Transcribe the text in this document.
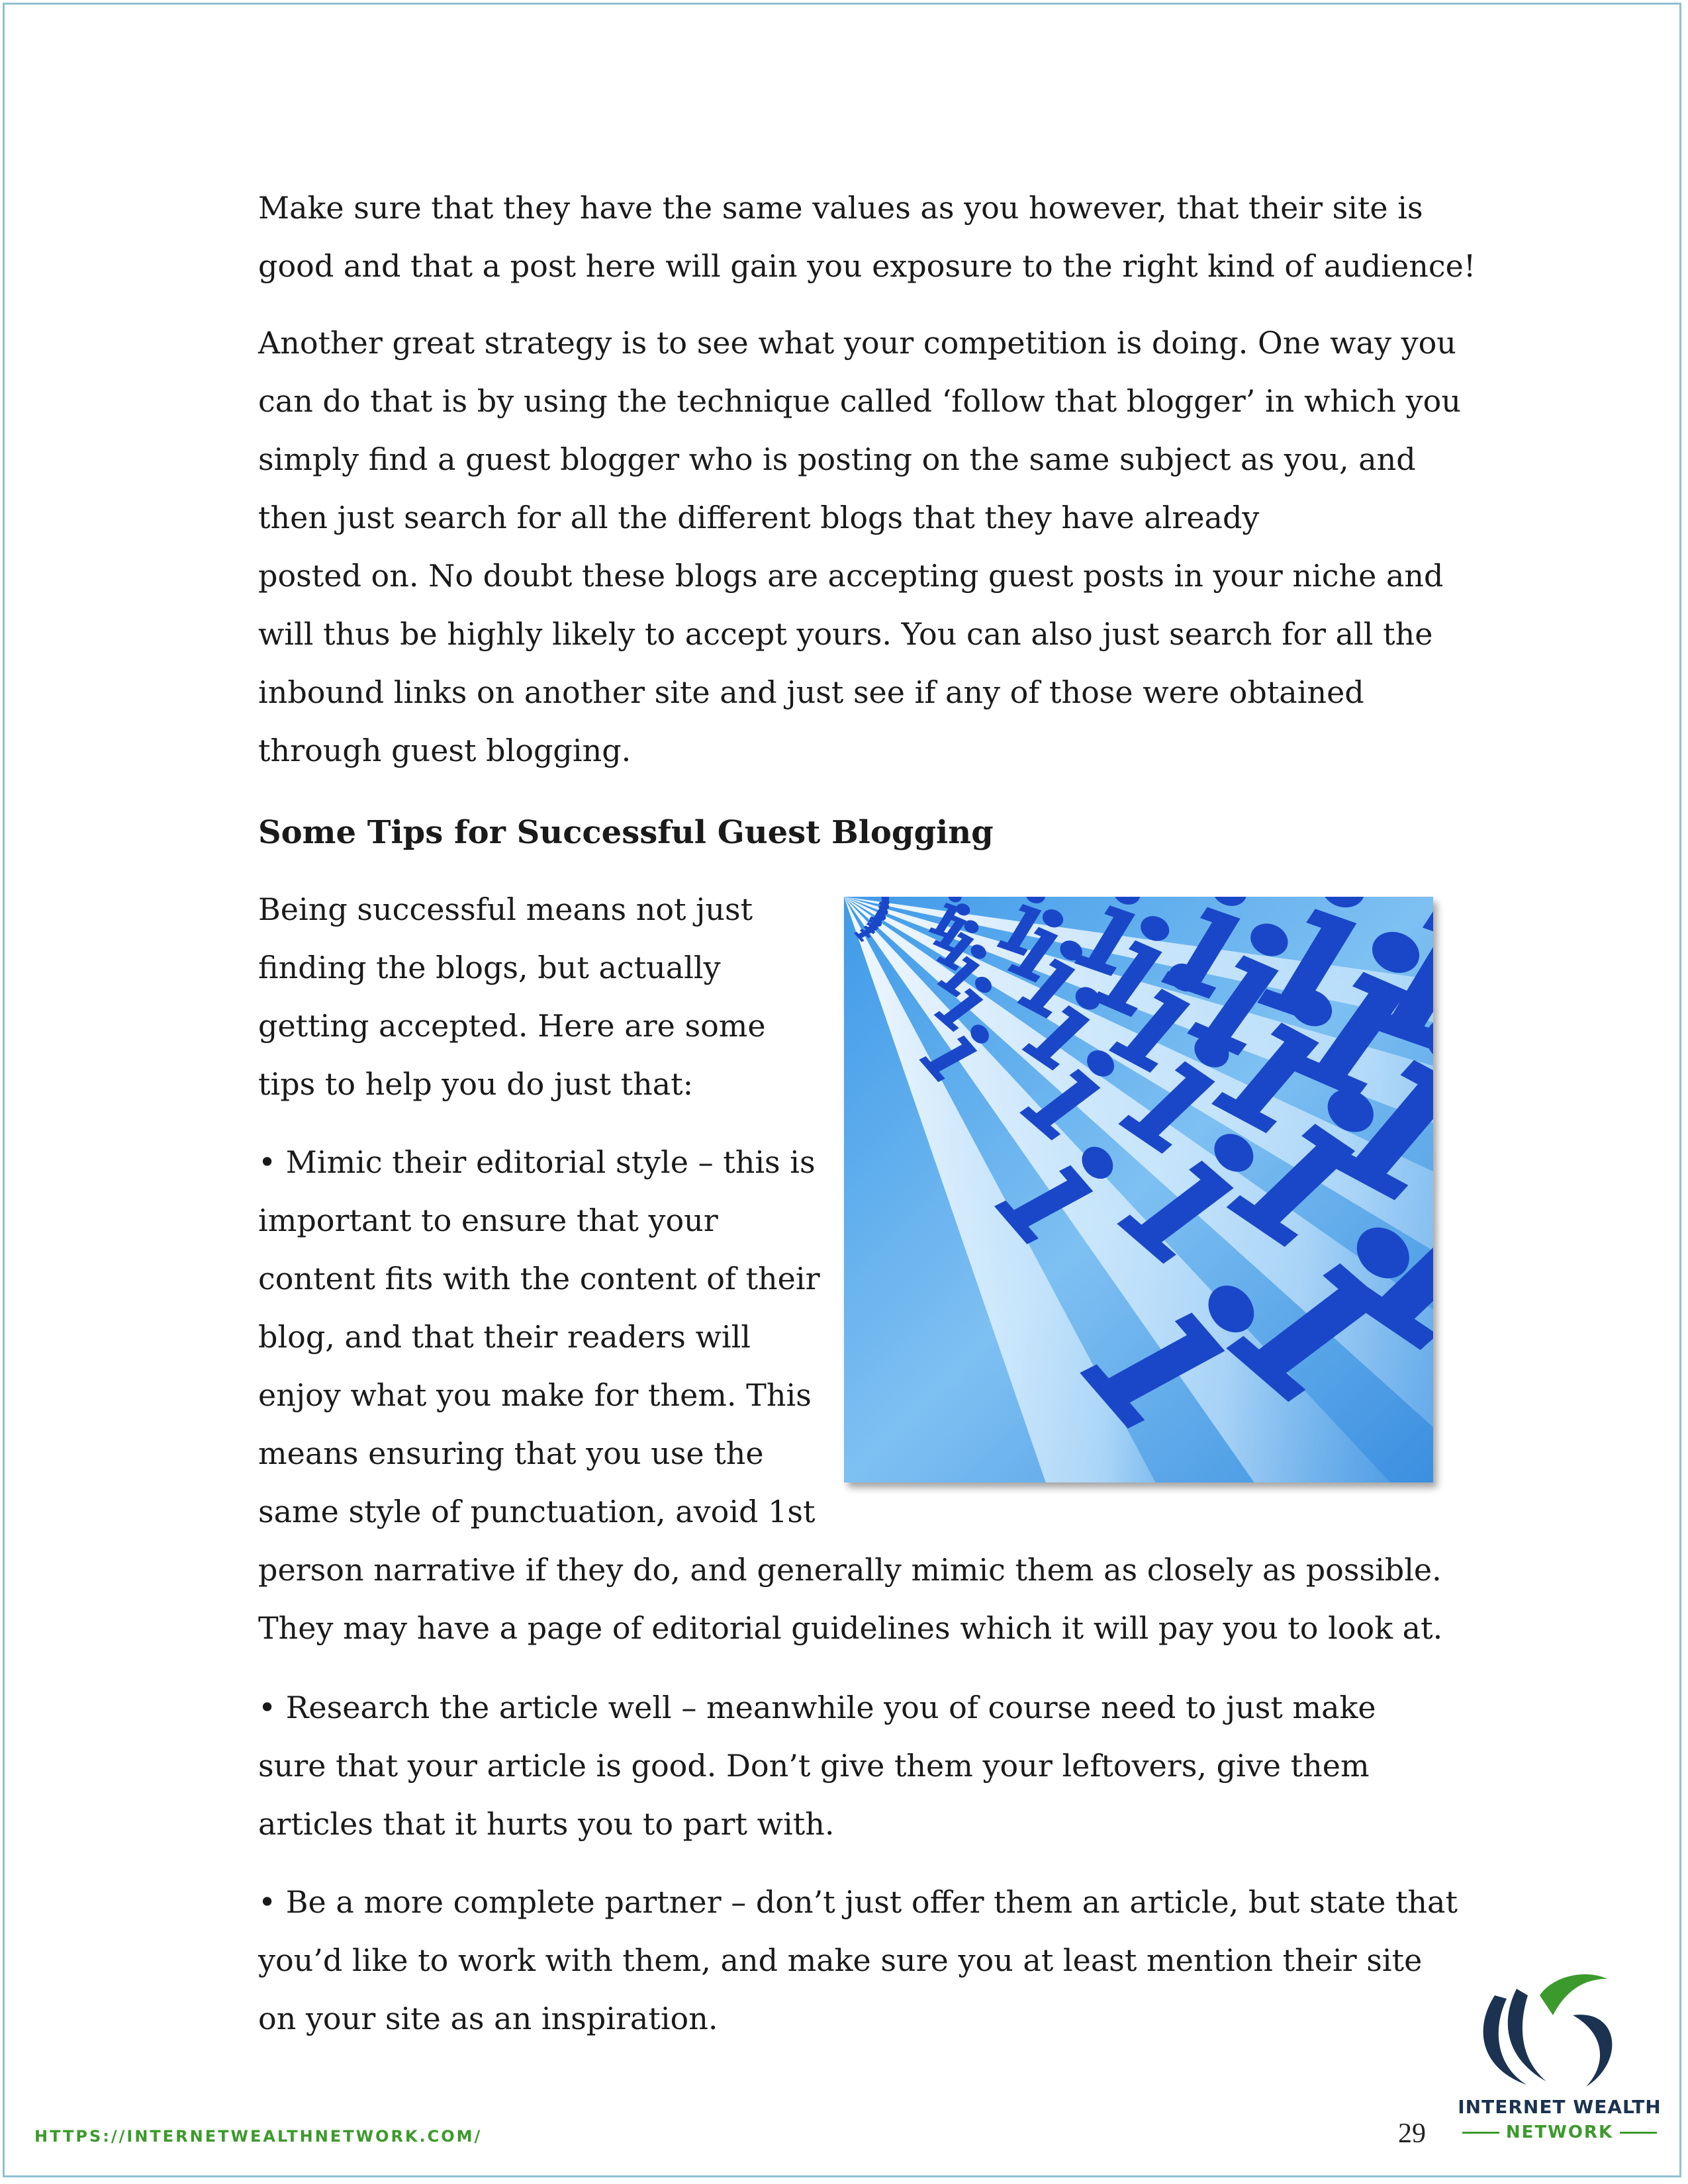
Make sure that they have the same values as you however, that their site is
good and that a post here will gain you exposure to the right kind of audience!

Another great strategy is to see what your competition is doing. One way you
can do that is by using the technique called ‘follow that blogger’ in which you
simply find a guest blogger who is posting on the same subject as you, and
then just search for all the different blogs that they have already
posted on. No doubt these blogs are accepting guest posts in your niche and
will thus be highly likely to accept yours. You can also just search for all the
inbound links on another site and just see if any of those were obtained
through guest blogging.

Some Tips for Successful Guest Blogging

Being successful means not just
finding the blogs, but actually
getting accepted. Here are some
tips to help you do just that:

• Mimic their editorial style – this is
important to ensure that your
content fits with the content of their
blog, and that their readers will
enjoy what you make for them. This
means ensuring that you use the
same style of punctuation, avoid 1st
person narrative if they do, and generally mimic them as closely as possible.
They may have a page of editorial guidelines which it will pay you to look at.

• Research the article well – meanwhile you of course need to just make
sure that your article is good. Don’t give them your leftovers, give them
articles that it hurts you to part with.

• Be a more complete partner – don’t just offer them an article, but state that
you’d like to work with them, and make sure you at least mention their site
on your site as an inspiration.

HTTPS://INTERNETWEALTHNETWORK.COM/	29
INTERNET WEALTH
NETWORK
